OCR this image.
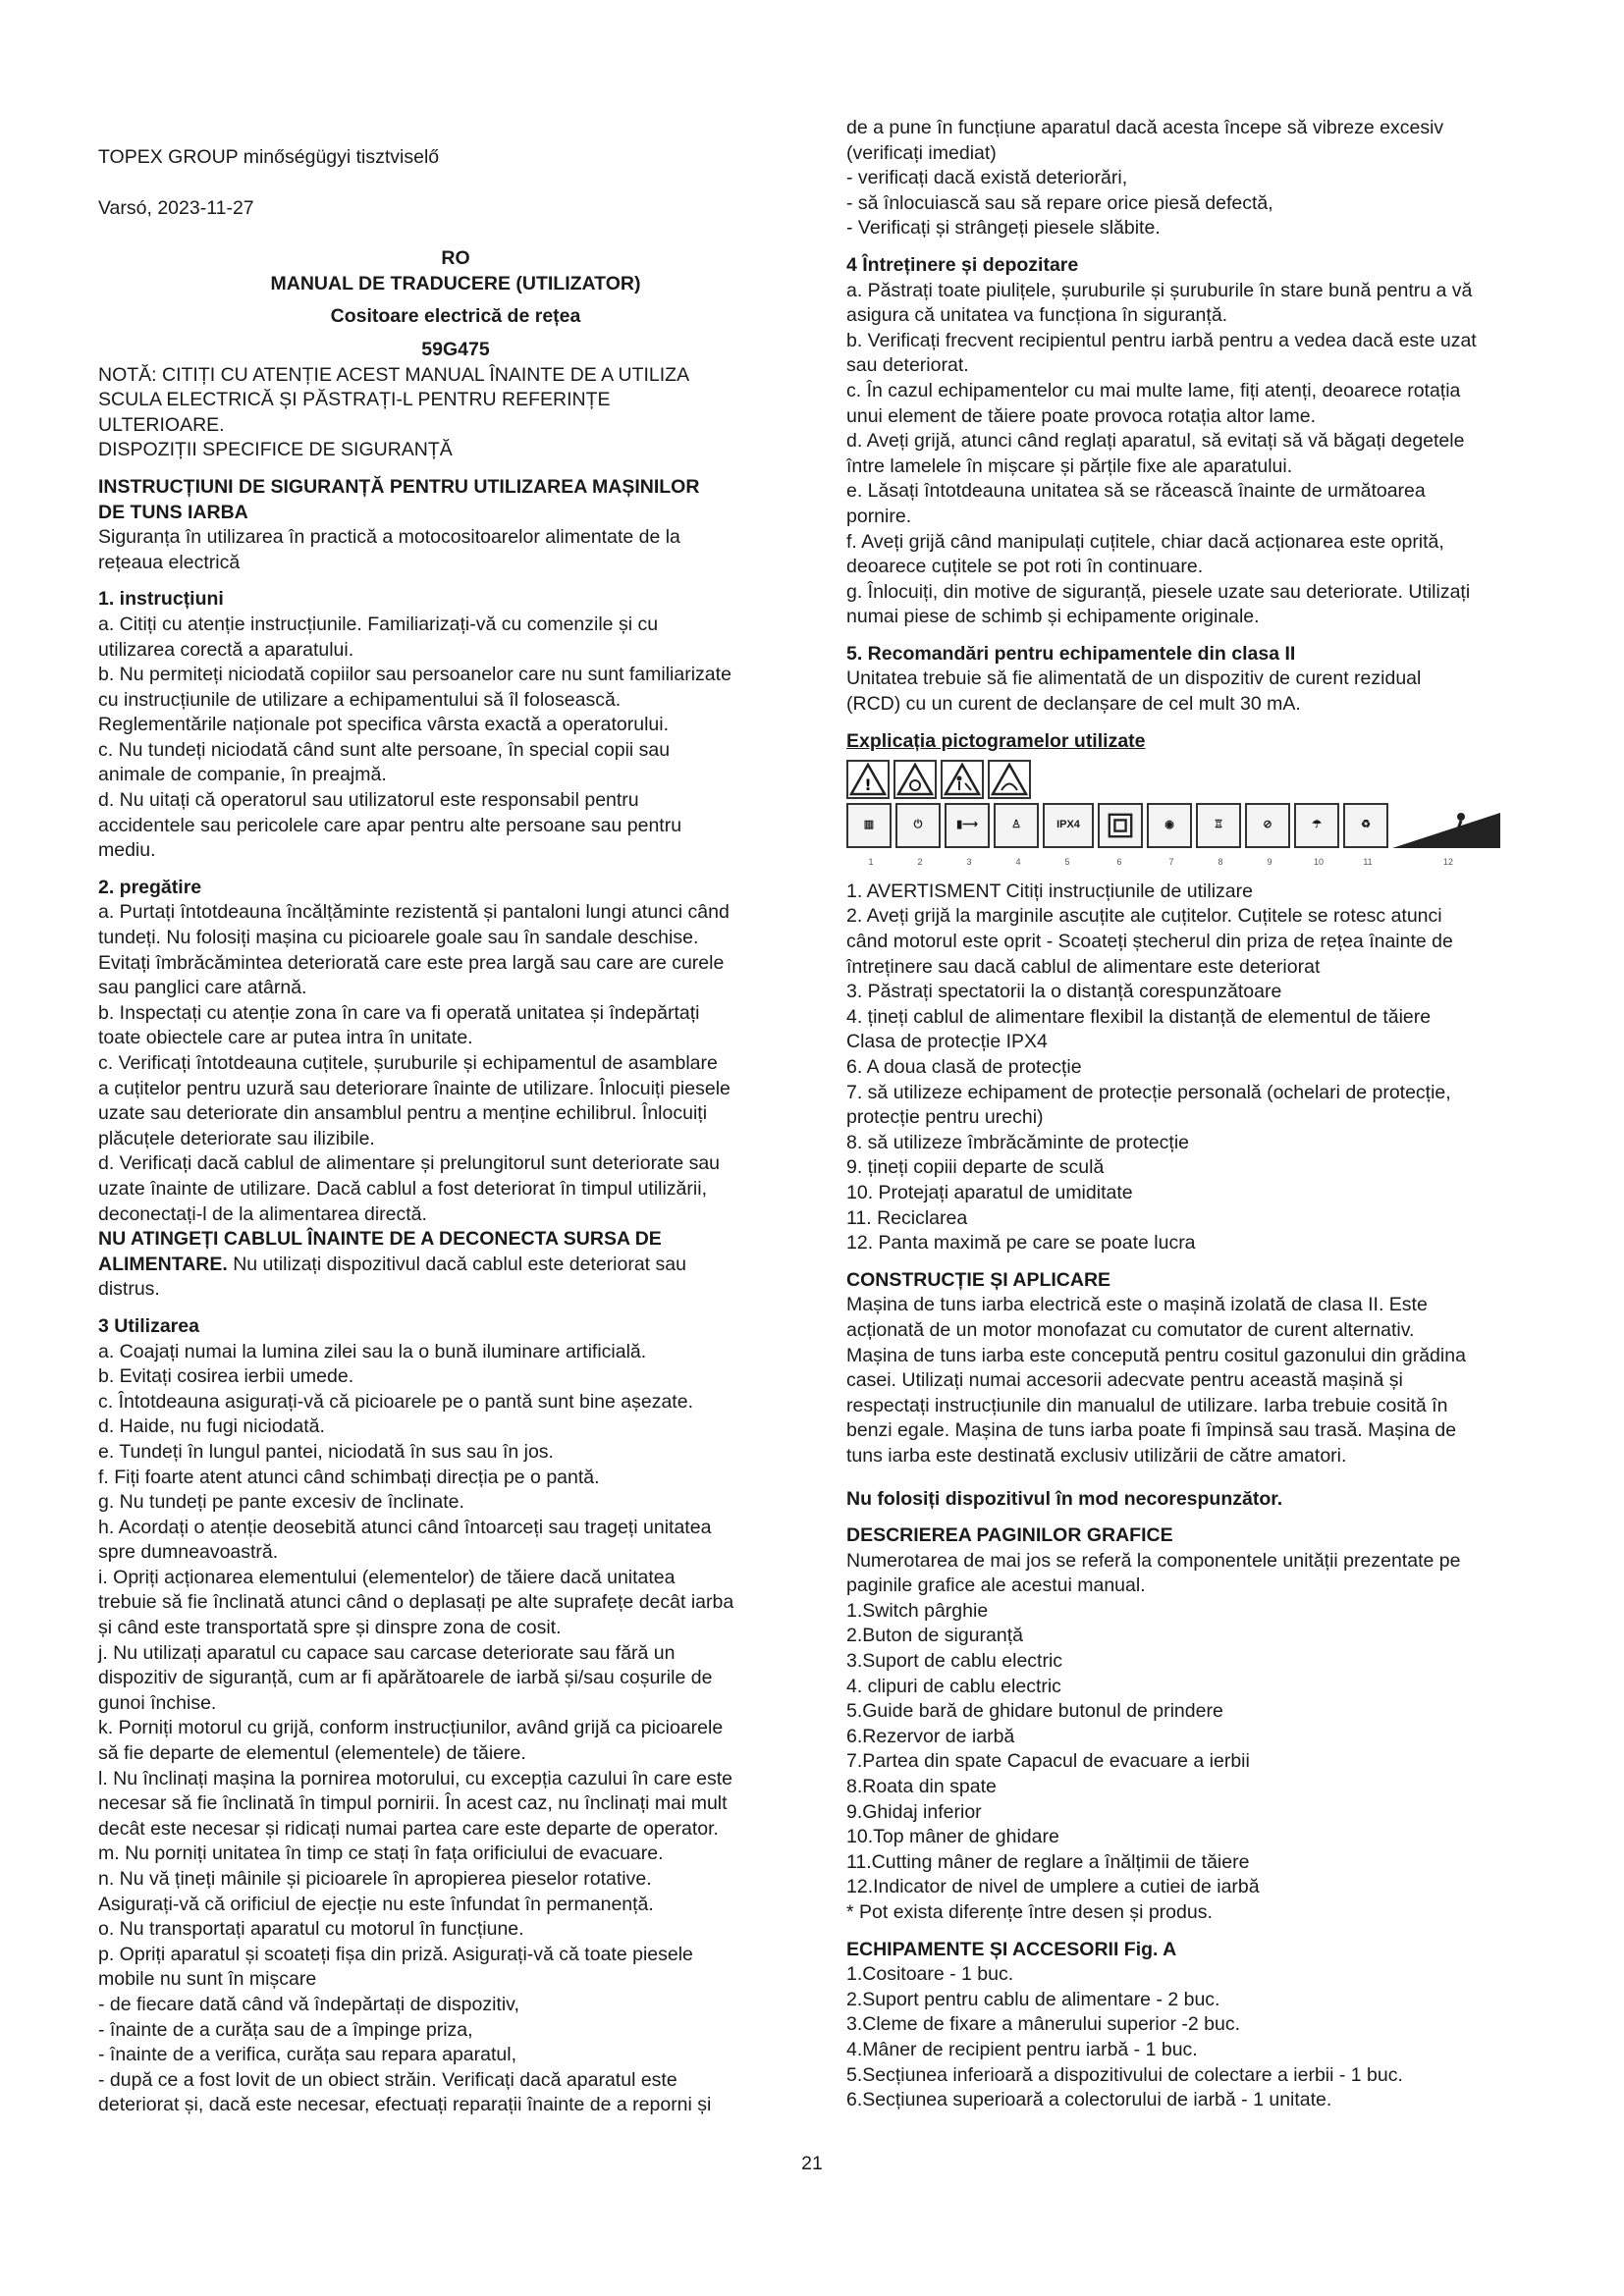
TOPEX GROUP minőségügyi tisztviselő

Varsó, 2023-11-27

RO

MANUAL DE TRADUCERE (UTILIZATOR)

Cositoare electrică de rețea

59G475

NOTĂ: CITIȚI CU ATENȚIE ACEST MANUAL ÎNAINTE DE A UTILIZA

SCULA ELECTRICĂ ȘI PĂSTRAȚI-L PENTRU REFERINȚE

ULTERIOARE.

DISPOZIȚII SPECIFICE DE SIGURANȚĂ

INSTRUCȚIUNI DE SIGURANȚĂ PENTRU UTILIZAREA MAȘINILOR

DE TUNS IARBA

Siguranța în utilizarea în practică a motocositoarelor alimentate de la

rețeaua electrică

1. instrucțiuni

a. Citiți cu atenție instrucțiunile. Familiarizați-vă cu comenzile și cu

utilizarea corectă a aparatului.

b. Nu permiteți niciodată copiilor sau persoanelor care nu sunt familiarizate

cu instrucțiunile de utilizare a echipamentului să îl folosească.

Reglementările naționale pot specifica vârsta exactă a operatorului.

c. Nu tundeți niciodată când sunt alte persoane, în special copii sau

animale de companie, în preajmă.

d. Nu uitați că operatorul sau utilizatorul este responsabil pentru

accidentele sau pericolele care apar pentru alte persoane sau pentru

mediu.

2. pregătire

a. Purtați întotdeauna încălțăminte rezistentă și pantaloni lungi atunci când

tundeți. Nu folosiți mașina cu picioarele goale sau în sandale deschise.

Evitați îmbrăcămintea deteriorată care este prea largă sau care are curele

sau panglici care atârnă.

b. Inspectați cu atenție zona în care va fi operată unitatea și îndepărtați

toate obiectele care ar putea intra în unitate.

c. Verificați întotdeauna cuțitele, șuruburile și echipamentul de asamblare

a cuțitelor pentru uzură sau deteriorare înainte de utilizare. Înlocuiți piesele

uzate sau deteriorate din ansamblul pentru a menține echilibrul. Înlocuiți

plăcuțele deteriorate sau ilizibile.

d. Verificați dacă cablul de alimentare și prelungitorul sunt deteriorate sau

uzate înainte de utilizare. Dacă cablul a fost deteriorat în timpul utilizării,

deconectați-l de la alimentarea directă.

NU ATINGEȚI CABLUL ÎNAINTE DE A DECONECTA SURSA DE

ALIMENTARE. Nu utilizați dispozitivul dacă cablul este deteriorat sau

distrus.

3 Utilizarea

a. Coajați numai la lumina zilei sau la o bună iluminare artificială.

b. Evitați cosirea ierbii umede.

c. Întotdeauna asigurați-vă că picioarele pe o pantă sunt bine așezate.

d. Haide, nu fugi niciodată.

e. Tundeți în lungul pantei, niciodată în sus sau în jos.

f. Fiți foarte atent atunci când schimbați direcția pe o pantă.

g. Nu tundeți pe pante excesiv de înclinate.

h. Acordați o atenție deosebită atunci când întoarceți sau trageți unitatea

spre dumneavoastră.

i. Opriți acționarea elementului (elementelor) de tăiere dacă unitatea

trebuie să fie înclinată atunci când o deplasați pe alte suprafețe decât iarba

și când este transportată spre și dinspre zona de cosit.

j. Nu utilizați aparatul cu capace sau carcase deteriorate sau fără un

dispozitiv de siguranță, cum ar fi apărătoarele de iarbă și/sau coșurile de

gunoi închise.

k. Porniți motorul cu grijă, conform instrucțiunilor, având grijă ca picioarele

să fie departe de elementul (elementele) de tăiere.

l. Nu înclinați mașina la pornirea motorului, cu excepția cazului în care este

necesar să fie înclinată în timpul pornirii. În acest caz, nu înclinați mai mult

decât este necesar și ridicați numai partea care este departe de operator.

m. Nu porniți unitatea în timp ce stați în fața orificiului de evacuare.

n. Nu vă țineți mâinile și picioarele în apropierea pieselor rotative.

Asigurați-vă că orificiul de ejecție nu este înfundat în permanență.

o. Nu transportați aparatul cu motorul în funcțiune.

p. Opriți aparatul și scoateți fișa din priză. Asigurați-vă că toate piesele

mobile nu sunt în mișcare

- de fiecare dată când vă îndepărtați de dispozitiv,

- înainte de a curăța sau de a împinge priza,

- înainte de a verifica, curăța sau repara aparatul,

- după ce a fost lovit de un obiect străin. Verificați dacă aparatul este

deteriorat și, dacă este necesar, efectuați reparații înainte de a reporni și

de a pune în funcțiune aparatul dacă acesta începe să vibreze excesiv

(verificați imediat)

- verificați dacă există deteriorări,

- să înlocuiască sau să repare orice piesă defectă,

- Verificați și strângeți piesele slăbite.

4 Întreținere și depozitare

a. Păstrați toate piulițele, șuruburile și șuruburile în stare bună pentru a vă

asigura că unitatea va funcționa în siguranță.

b. Verificați frecvent recipientul pentru iarbă pentru a vedea dacă este uzat

sau deteriorat.

c. În cazul echipamentelor cu mai multe lame, fiți atenți, deoarece rotația

unui element de tăiere poate provoca rotația altor lame.

d. Aveți grijă, atunci când reglați aparatul, să evitați să vă băgați degetele

între lamelele în mișcare și părțile fixe ale aparatului.

e. Lăsați întotdeauna unitatea să se răcească înainte de următoarea

pornire.

f. Aveți grijă când manipulați cuțitele, chiar dacă acționarea este oprită,

deoarece cuțitele se pot roti în continuare.

g. Înlocuiți, din motive de siguranță, piesele uzate sau deteriorate. Utilizați

numai piese de schimb și echipamente originale.

5. Recomandări pentru echipamentele din clasa II

Unitatea trebuie să fie alimentată de un dispozitiv de curent rezidual

(RCD) cu un curent de declanșare de cel mult 30 mA.

Explicația pictogramelor utilizate

!
▥	⏻	▮⟶	♙	IPX4	◉	♖	⊘	☂	♻
1	2	3	4	5	6	7	8	9	10	11	12

1. AVERTISMENT Citiți instrucțiunile de utilizare

2. Aveți grijă la marginile ascuțite ale cuțitelor. Cuțitele se rotesc atunci

când motorul este oprit - Scoateți ștecherul din priza de rețea înainte de

întreținere sau dacă cablul de alimentare este deteriorat

3. Păstrați spectatorii la o distanță corespunzătoare

4. țineți cablul de alimentare flexibil la distanță de elementul de tăiere

Clasa de protecție IPX4

6. A doua clasă de protecție

7. să utilizeze echipament de protecție personală (ochelari de protecție,

protecție pentru urechi)

8. să utilizeze îmbrăcăminte de protecție

9. țineți copiii departe de sculă

10. Protejați aparatul de umiditate

11. Reciclarea

12. Panta maximă pe care se poate lucra

CONSTRUCȚIE ȘI APLICARE

Mașina de tuns iarba electrică este o mașină izolată de clasa II. Este

acționată de un motor monofazat cu comutator de curent alternativ.

Mașina de tuns iarba este concepută pentru cositul gazonului din grădina

casei. Utilizați numai accesorii adecvate pentru această mașină și

respectați instrucțiunile din manualul de utilizare. Iarba trebuie cosită în

benzi egale. Mașina de tuns iarba poate fi împinsă sau trasă. Mașina de

tuns iarba este destinată exclusiv utilizării de către amatori.

Nu folosiți dispozitivul în mod necorespunzător.

DESCRIEREA PAGINILOR GRAFICE

Numerotarea de mai jos se referă la componentele unității prezentate pe

paginile grafice ale acestui manual.

1.Switch pârghie

2.Buton de siguranță

3.Suport de cablu electric

4. clipuri de cablu electric

5.Guide bară de ghidare butonul de prindere

6.Rezervor de iarbă

7.Partea din spate Capacul de evacuare a ierbii

8.Roata din spate

9.Ghidaj inferior

10.Top mâner de ghidare

11.Cutting mâner de reglare a înălțimii de tăiere

12.Indicator de nivel de umplere a cutiei de iarbă

* Pot exista diferențe între desen și produs.

ECHIPAMENTE ȘI ACCESORII Fig. A

1.Cositoare - 1 buc.

2.Suport pentru cablu de alimentare - 2 buc.

3.Cleme de fixare a mânerului superior -2 buc.

4.Mâner de recipient pentru iarbă - 1 buc.

5.Secțiunea inferioară a dispozitivului de colectare a ierbii - 1 buc.

6.Secțiunea superioară a colectorului de iarbă - 1 unitate.

21
